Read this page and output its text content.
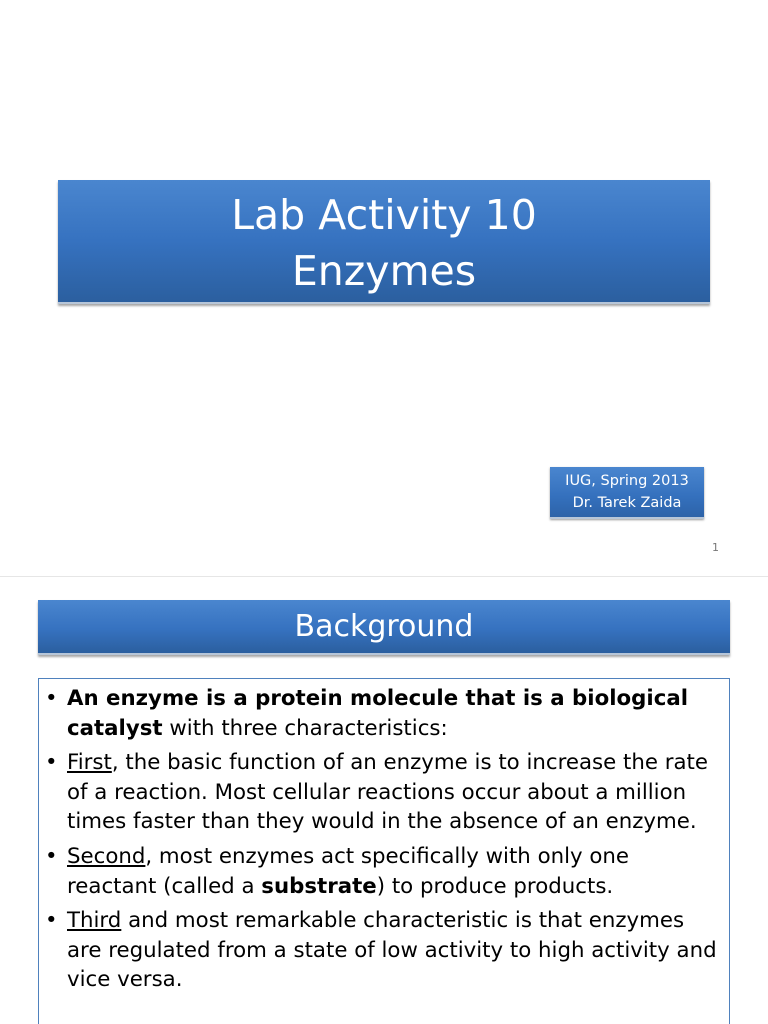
Lab Activity 10
Enzymes
IUG, Spring 2013
Dr. Tarek Zaida
1
Background
• An enzyme is a protein molecule that is a biological catalyst with three characteristics:
• First, the basic function of an enzyme is to increase the rate of a reaction. Most cellular reactions occur about a million times faster than they would in the absence of an enzyme.
• Second, most enzymes act specifically with only one reactant (called a substrate) to produce products.
• Third and most remarkable characteristic is that enzymes are regulated from a state of low activity to high activity and vice versa.
